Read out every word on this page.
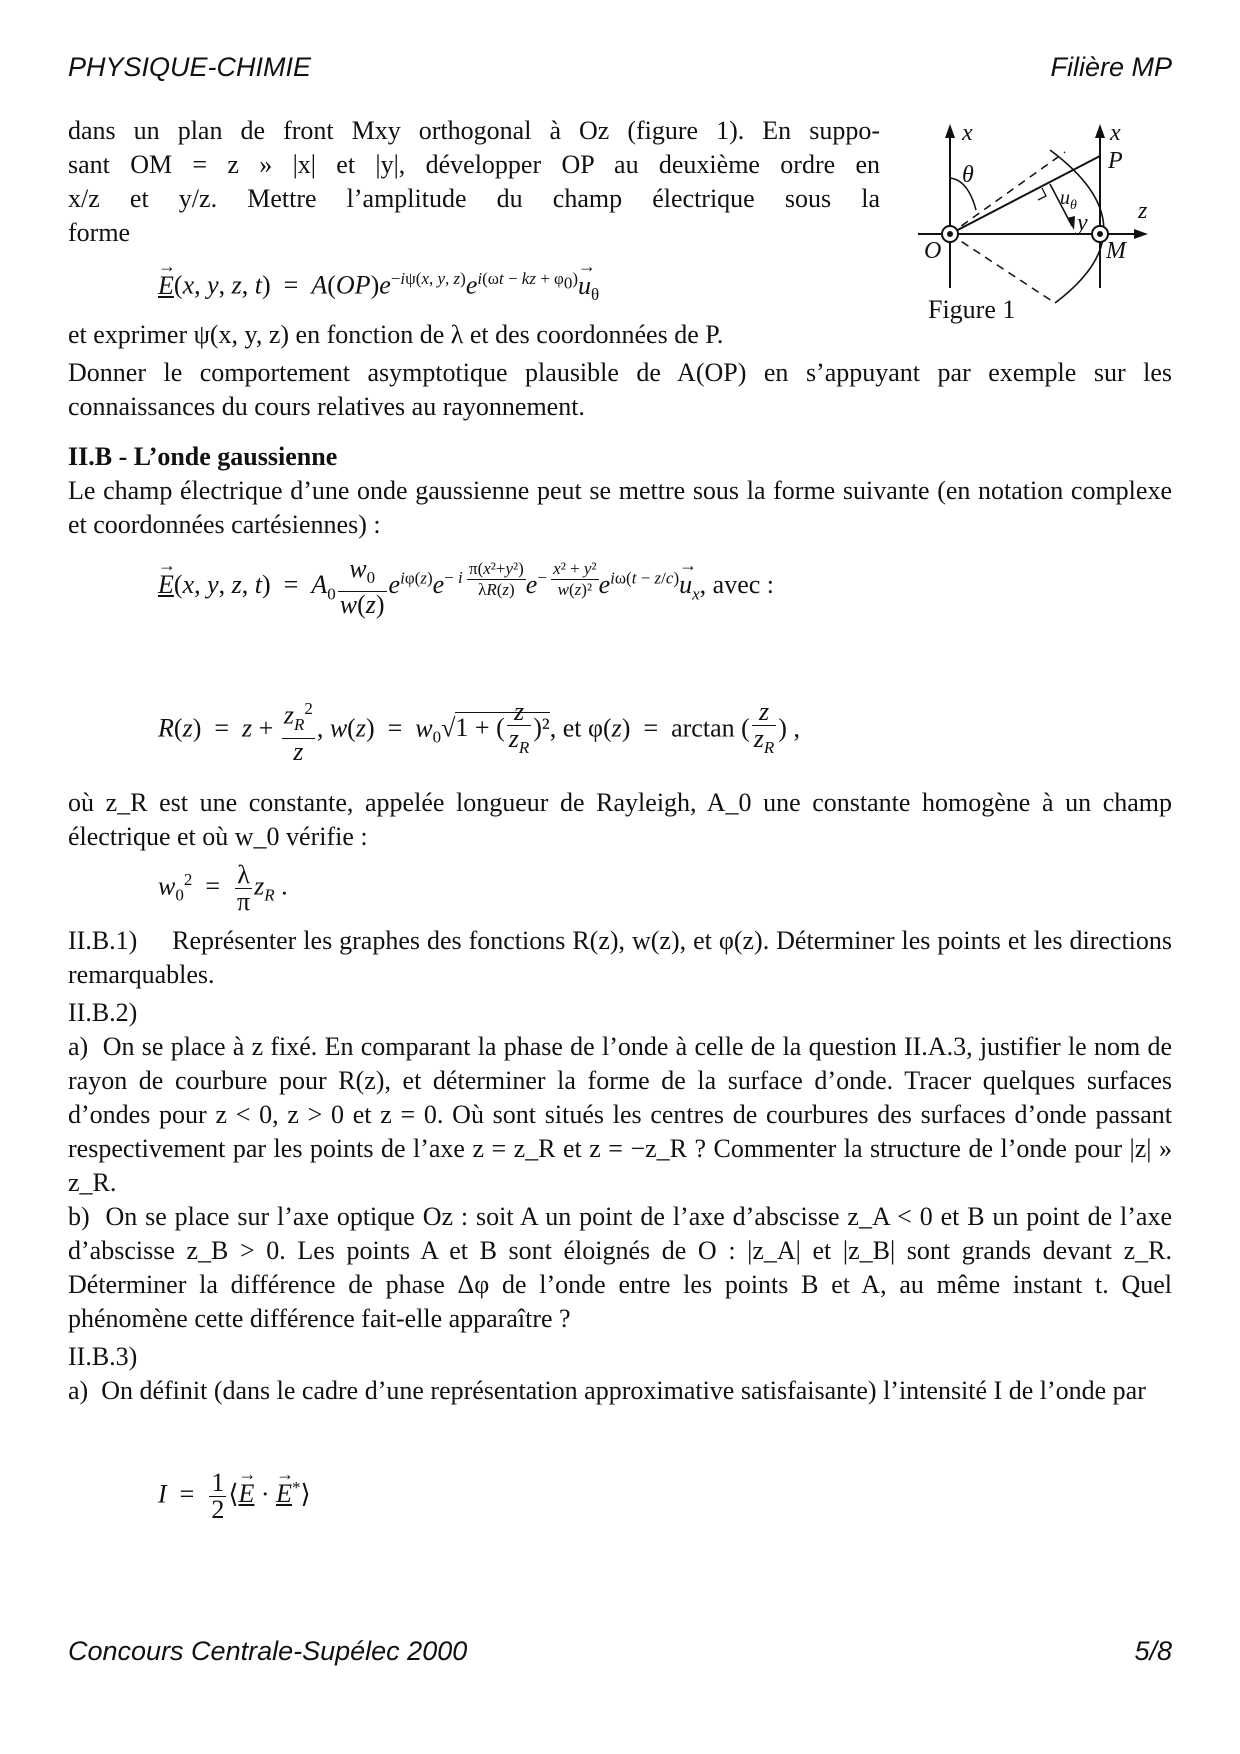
PHYSIQUE-CHIMIE	Filière MP
x	x
P
θ
z
y
O	M
$u_\theta$
Figure 1
dans un plan de front Mxy orthogonal à Oz (figure 1). En suppo-
sant OM = z » |x| et |y|, développer OP au deuxième ordre en
x/z et y/z. Mettre l’amplitude du champ électrique sous la
forme
→ E(x, y, z, $t) = A(OP)e^{-i\psi(x, y, z)}e^{i(\omega t - kz + \varphi_0)}\to u_\theta$
et exprimer ψ(x, y, z) en fonction de λ et des coordonnées de P.
Donner le comportement asymptotique plausible de A(OP) en s’appuyant par exemple sur les connaissances du cours relatives au rayonnement.
II.B - L’onde gaussienne
Le champ électrique d’une onde gaussienne peut se mettre sous la forme suivante (en notation complexe et coordonnées cartésiennes) :
→ E(x, y, z, $t) = A_0 \frac{w_0}{w(z)} e^{i\varphi(z)}e^{- i \frac{\text{π(x²+y²)}}{\lambda R(z)}}$ $e^{- \frac{\text{x² + y²}}{\text{w(z)²}}}$ $e^{i\omega(t - z/c)}\to u_x$, avec :
$R(z) = z + \frac{z_R^2}{z}$ , $w(z) = w_0√1$ + ( $\frac{z}{z_R} )^2$, et φ(z)  =  arctan ( $\frac{z}{z_R}$ ) ,
où z_R est une constante, appelée longueur de Rayleigh, A_0 une constante homogène à un champ électrique et où w_0 vérifie :
$w_0^2 = \frac{\lambda}{\pi} z_R$ .
II.B.1) Représenter les graphes des fonctions R(z), w(z), et φ(z). Déterminer les points et les directions remarquables.
II.B.2)
a) On se place à z fixé. En comparant la phase de l’onde à celle de la question II.A.3, justifier le nom de rayon de courbure pour R(z), et déterminer la forme de la surface d’onde. Tracer quelques surfaces d’ondes pour z < 0, z > 0 et z = 0. Où sont situés les centres de courbures des surfaces d’onde passant respectivement par les points de l’axe z = z_R et z = −z_R ? Commenter la structure de l’onde pour |z| » z_R.
b) On se place sur l’axe optique Oz : soit A un point de l’axe d’abscisse z_A < 0 et B un point de l’axe d’abscisse z_B > 0. Les points A et B sont éloignés de O : |z_A| et |z_B| sont grands devant z_R. Déterminer la différence de phase Δφ de l’onde entre les points B et A, au même instant t. Quel phénomène cette différence fait-elle apparaître ?
II.B.3)
a) On définit (dans le cadre d’une représentation approximative satisfaisante) l’intensité I de l’onde par
$I = \frac{1}{2}$ ⟨→ E · → E*⟩
Concours Centrale-Supélec 2000	5/8
